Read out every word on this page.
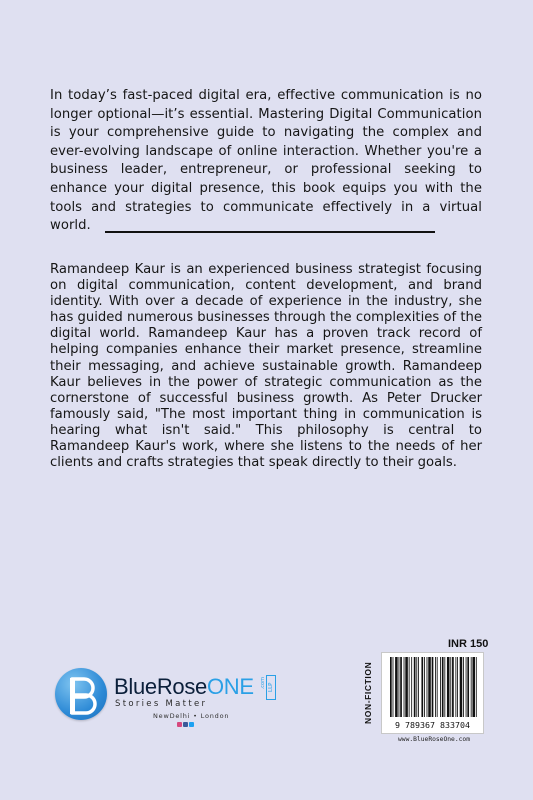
In today’s fast-paced digital era, effective communication is no longer optional—it’s essential. Mastering Digital Communication is your comprehensive guide to navigating the complex and ever-evolving landscape of online interaction. Whether you're a business leader, entrepreneur, or professional seeking to enhance your digital presence, this book equips you with the tools and strategies to communicate effectively in a virtual world.

Ramandeep Kaur is an experienced business strategist focusing on digital communication, content development, and brand identity. With over a decade of experience in the industry, she has guided numerous businesses through the complexities of the digital world. Ramandeep Kaur has a proven track record of helping companies enhance their market presence, streamline their messaging, and achieve sustainable growth. Ramandeep Kaur believes in the power of strategic communication as the cornerstone of successful business growth. As Peter Drucker famously said, "The most important thing in communication is hearing what isn't said." This philosophy is central to Ramandeep Kaur's work, where she listens to the needs of her clients and crafts strategies that speak directly to their goals.

BlueRoseONE .com LLP
Stories Matter
NewDelhi • London
INR 150
NON-FICTION
9 789367 833704
www.BlueRoseOne.com
